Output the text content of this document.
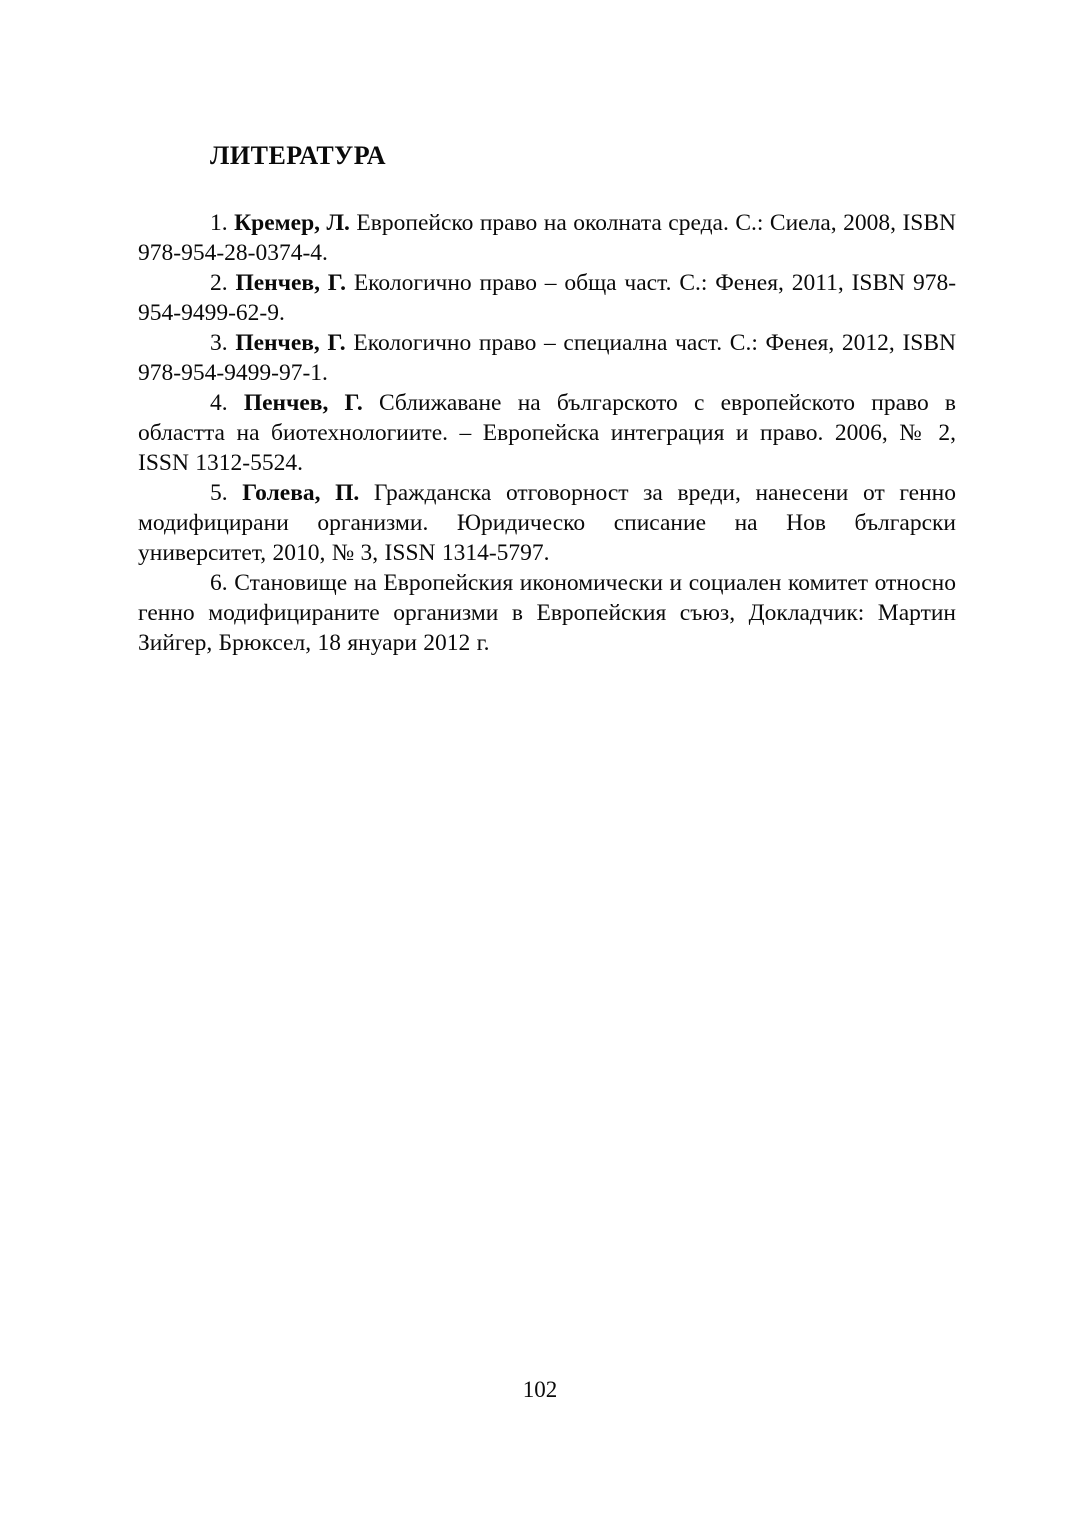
ЛИТЕРАТУРА

1. Кремер, Л. Европейско право на околната среда. С.: Сиела, 2008, ISBN 978-954-28-0374-4.

2. Пенчев, Г. Екологично право – обща част. С.: Фенея, 2011, ISBN 978-954-9499-62-9.

3. Пенчев, Г. Екологично право – специална част. С.: Фенея, 2012, ISBN 978-954-9499-97-1.

4. Пенчев, Г. Сближаване на българското с европейското право в областта на биотехнологиите. – Европейска интеграция и право. 2006, № 2, ISSN 1312-5524.

5. Голева, П. Гражданска отговорност за вреди, нанесени от генно модифицирани организми. Юридическо списание на Нов български университет, 2010, № 3, ISSN 1314-5797.

6. Становище на Европейския икономически и социален комитет относно генно модифицираните организми в Европейския съюз, Докладчик: Мартин Зийгер, Брюксел, 18 януари 2012 г.

102
